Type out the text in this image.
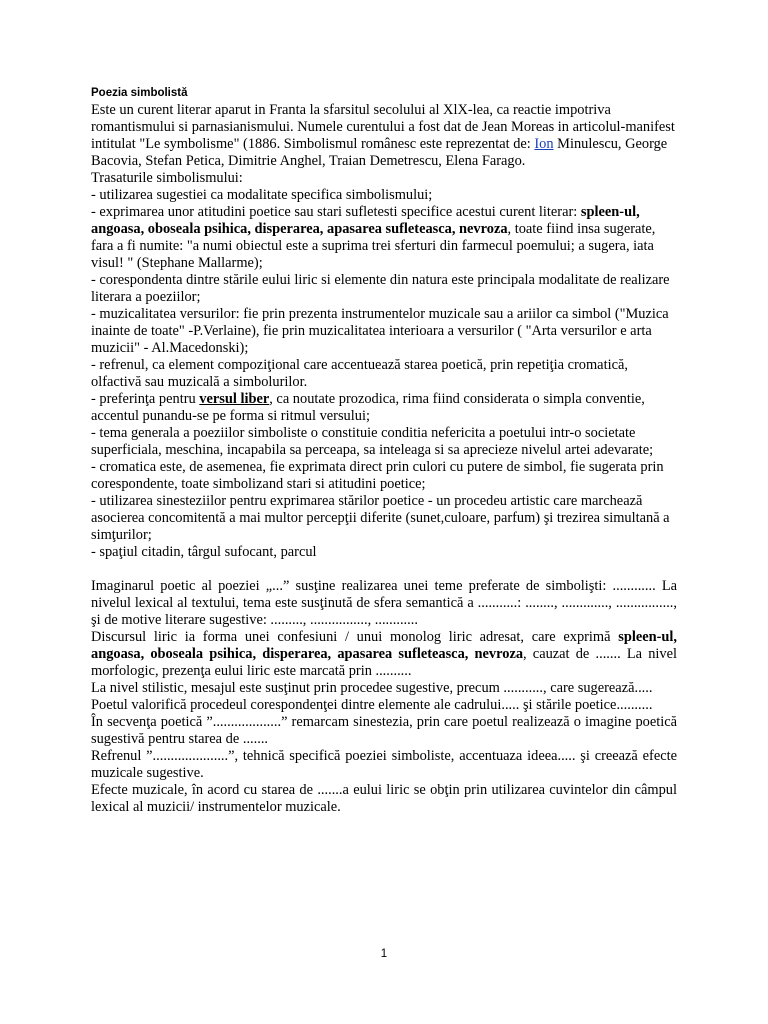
Poezia simbolistă

Este un curent literar aparut in Franta la sfarsitul secolului al XlX-lea, ca reactie impotriva romantismului si parnasianismului. Numele curentului a fost dat de Jean Moreas in articolul-manifest intitulat "Le symbolisme" (1886. Simbolismul românesc este reprezentat de: Ion Minulescu, George Bacovia, Stefan Petica, Dimitrie Anghel, Traian Demetrescu, Elena Farago.

Trasaturile simbolismului:

- utilizarea sugestiei ca modalitate specifica simbolismului;

- exprimarea unor atitudini poetice sau stari sufletesti specifice acestui curent literar: spleen-ul, angoasa, oboseala psihica, disperarea, apasarea sufleteasca, nevroza, toate fiind insa sugerate, fara a fi numite: "a numi obiectul este a suprima trei sferturi din farmecul poemului; a sugera, iata visul! " (Stephane Mallarme);

- corespondenta dintre stările eului liric si elemente din natura este principala modalitate de realizare literara a poeziilor;

- muzicalitatea versurilor: fie prin prezenta instrumentelor muzicale sau a ariilor ca simbol ("Muzica inainte de toate" -P.Verlaine), fie prin muzicalitatea interioara a versurilor ( "Arta versurilor e arta muzicii" - Al.Macedonski);

- refrenul, ca element compoziţional care accentuează starea poetică, prin repetiţia cromatică, olfactivă sau muzicală a simbolurilor.

- preferinţa pentru versul liber, ca noutate prozodica, rima fiind considerata o simpla conventie, accentul punandu-se pe forma si ritmul versului;

- tema generala a poeziilor simboliste o constituie conditia nefericita a poetului intr-o societate superficiala, meschina, incapabila sa perceapa, sa inteleaga si sa aprecieze nivelul artei adevarate;

- cromatica este, de asemenea, fie exprimata direct prin culori cu putere de simbol, fie sugerata prin corespondente, toate simbolizand stari si atitudini poetice;

- utilizarea sinesteziilor pentru exprimarea stărilor poetice - un procedeu artistic care marchează asocierea concomitentă a mai multor percepţii diferite (sunet,culoare, parfum) şi trezirea simultană a simţurilor;

- spaţiul citadin, târgul sufocant, parcul

Imaginarul poetic al poeziei „...” susţine realizarea unei teme preferate de simbolişti: ............ La nivelul lexical al textului, tema este susţinută de sfera semantică a ...........: ........, ............., ................, şi de motive literare sugestive: ........., ................, ............

Discursul liric ia forma unei confesiuni / unui monolog liric adresat, care exprimă spleen-ul, angoasa, oboseala psihica, disperarea, apasarea sufleteasca, nevroza, cauzat de ....... La nivel morfologic, prezenţa eului liric este marcată prin ..........

La nivel stilistic, mesajul este susţinut prin procedee sugestive, precum ..........., care sugerează.....

Poetul valorifică procedeul corespondenţei dintre elemente ale cadrului..... şi stările poetice..........

În secvenţa poetică ”...................” remarcam sinestezia, prin care poetul realizează o imagine poetică sugestivă pentru starea de .......

Refrenul ”.....................”, tehnică specifică poeziei simboliste, accentuaza ideea..... şi creează efecte muzicale sugestive.

Efecte muzicale, în acord cu starea de .......a eului liric se obţin prin utilizarea cuvintelor din câmpul lexical al muzicii/ instrumentelor muzicale.

1
